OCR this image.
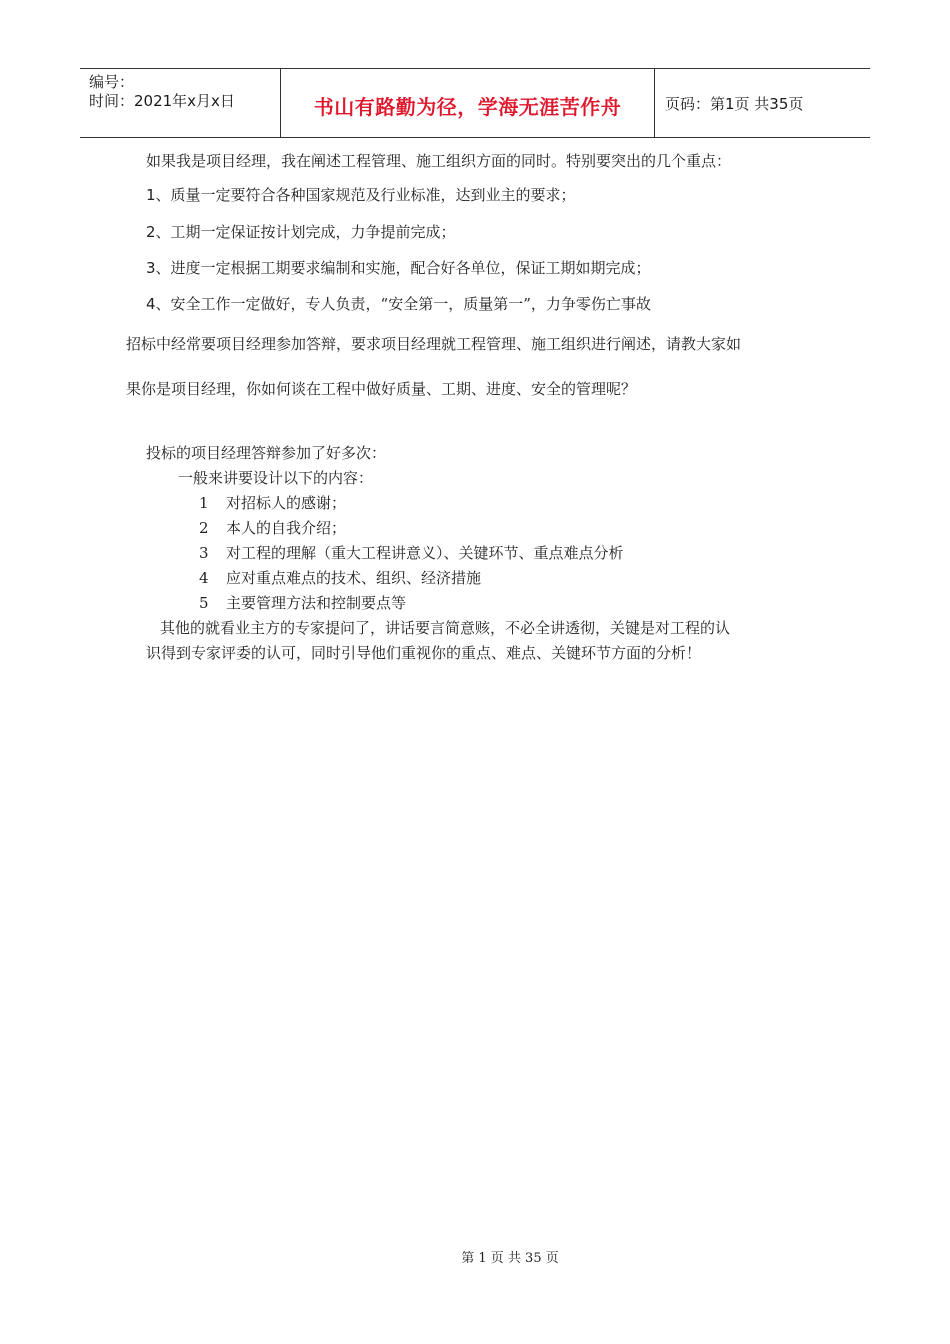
编号：
时间：2021年x月x日	书山有路勤为径，学海无涯苦作舟	页码：第1页 共35页
如果我是项目经理，我在阐述工程管理、施工组织方面的同时。特别要突出的几个重点：
1、质量一定要符合各种国家规范及行业标准，达到业主的要求；
2、工期一定保证按计划完成，力争提前完成；
3、进度一定根据工期要求编制和实施，配合好各单位，保证工期如期完成；
4、安全工作一定做好，专人负责，“安全第一，质量第一”，力争零伤亡事故
招标中经常要项目经理参加答辩，要求项目经理就工程管理、施工组织进行阐述，请教大家如
果你是项目经理，你如何谈在工程中做好质量、工期、进度、安全的管理呢？
投标的项目经理答辩参加了好多次：
一般来讲要设计以下的内容：
1 对招标人的感谢；
2 本人的自我介绍；
3 对工程的理解（重大工程讲意义）、关键环节、重点难点分析
4 应对重点难点的技术、组织、经济措施
5 主要管理方法和控制要点等
其他的就看业主方的专家提问了，讲话要言简意赅，不必全讲透彻，关键是对工程的认
识得到专家评委的认可，同时引导他们重视你的重点、难点、关键环节方面的分析！
第 1 页 共 35 页
